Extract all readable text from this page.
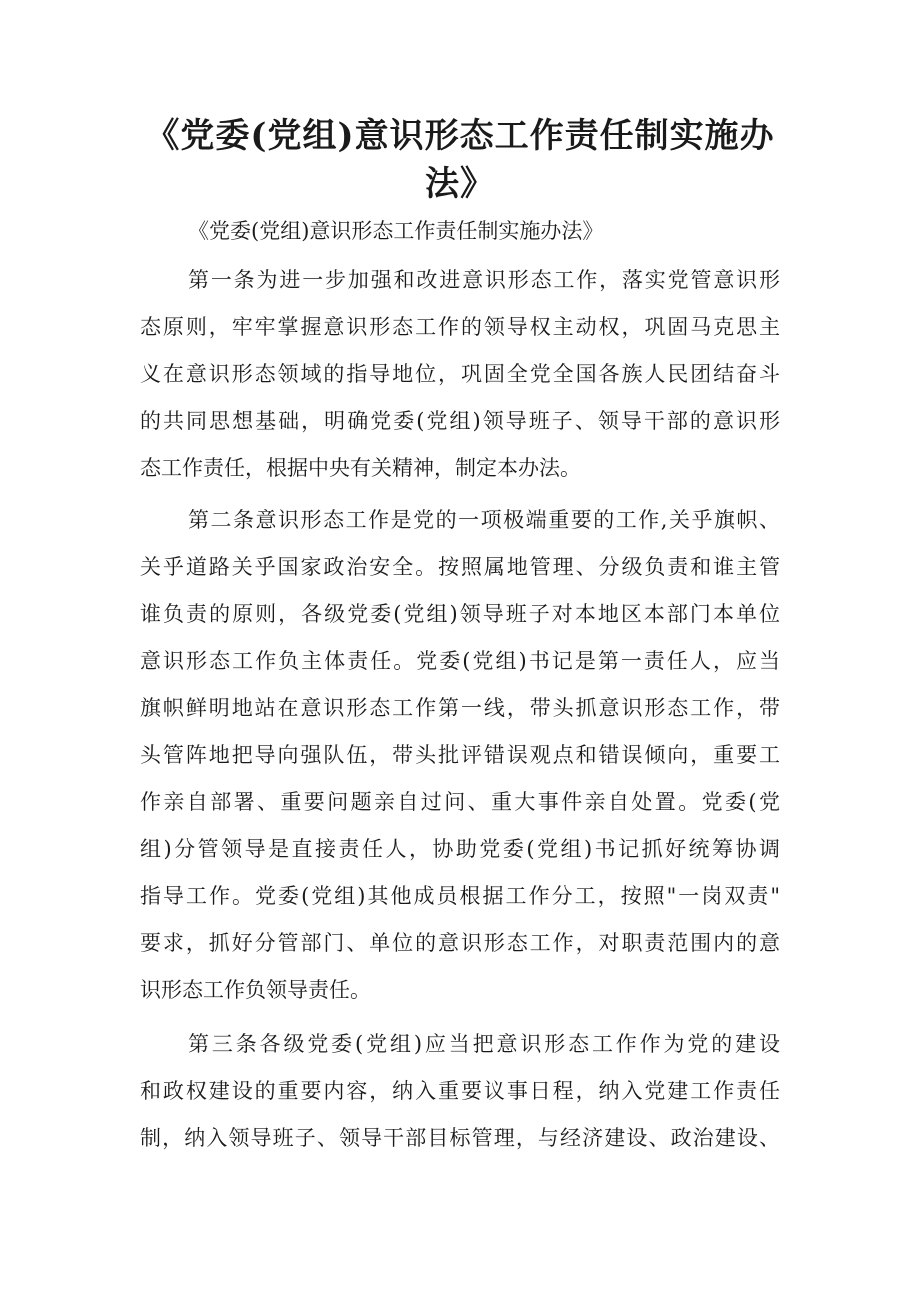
《党委(党组)意识形态工作责任制实施办
法》
《党委(党组)意识形态工作责任制实施办法》
第一条为进一步加强和改进意识形态工作，落实党管意识形
态原则，牢牢掌握意识形态工作的领导权主动权，巩固马克思主
义在意识形态领域的指导地位，巩固全党全国各族人民团结奋斗
的共同思想基础，明确党委(党组)领导班子、领导干部的意识形
态工作责任，根据中央有关精神，制定本办法。
第二条意识形态工作是党的一项极端重要的工作,关乎旗帜、
关乎道路关乎国家政治安全。按照属地管理、分级负责和谁主管
谁负责的原则，各级党委(党组)领导班子对本地区本部门本单位
意识形态工作负主体责任。党委(党组)书记是第一责任人，应当
旗帜鲜明地站在意识形态工作第一线，带头抓意识形态工作，带
头管阵地把导向强队伍，带头批评错误观点和错误倾向，重要工
作亲自部署、重要问题亲自过问、重大事件亲自处置。党委(党
组)分管领导是直接责任人，协助党委(党组)书记抓好统筹协调
指导工作。党委(党组)其他成员根据工作分工，按照"一岗双责"
要求，抓好分管部门、单位的意识形态工作，对职责范围内的意
识形态工作负领导责任。
第三条各级党委(党组)应当把意识形态工作作为党的建设
和政权建设的重要内容，纳入重要议事日程，纳入党建工作责任
制，纳入领导班子、领导干部目标管理，与经济建设、政治建设、
